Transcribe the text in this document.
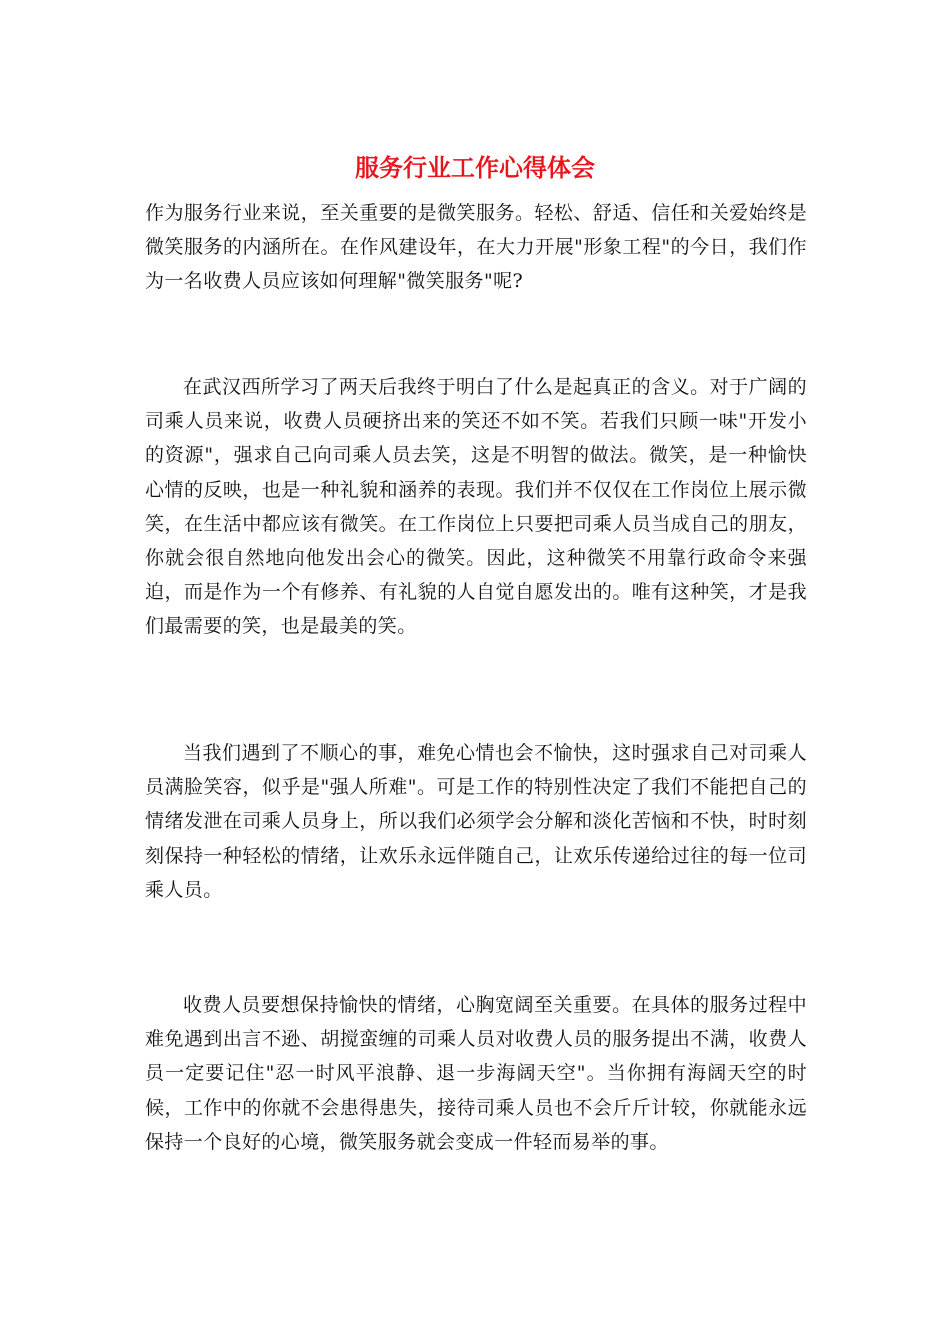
服务行业工作心得体会

作为服务行业来说，至关重要的是微笑服务。轻松、舒适、信任和关爱始终是微笑服务的内涵所在。在作风建设年，在大力开展"形象工程"的今日，我们作为一名收费人员应该如何理解"微笑服务"呢?

在武汉西所学习了两天后我终于明白了什么是起真正的含义。对于广阔的司乘人员来说，收费人员硬挤出来的笑还不如不笑。若我们只顾一味"开发小的资源"，强求自己向司乘人员去笑，这是不明智的做法。微笑，是一种愉快心情的反映，也是一种礼貌和涵养的表现。我们并不仅仅在工作岗位上展示微笑，在生活中都应该有微笑。在工作岗位上只要把司乘人员当成自己的朋友，你就会很自然地向他发出会心的微笑。因此，这种微笑不用靠行政命令来强迫，而是作为一个有修养、有礼貌的人自觉自愿发出的。唯有这种笑，才是我们最需要的笑，也是最美的笑。

当我们遇到了不顺心的事，难免心情也会不愉快，这时强求自己对司乘人员满脸笑容，似乎是"强人所难"。可是工作的特别性决定了我们不能把自己的情绪发泄在司乘人员身上，所以我们必须学会分解和淡化苦恼和不快，时时刻刻保持一种轻松的情绪，让欢乐永远伴随自己，让欢乐传递给过往的每一位司乘人员。

收费人员要想保持愉快的情绪，心胸宽阔至关重要。在具体的服务过程中难免遇到出言不逊、胡搅蛮缠的司乘人员对收费人员的服务提出不满，收费人员一定要记住"忍一时风平浪静、退一步海阔天空"。当你拥有海阔天空的时候，工作中的你就不会患得患失，接待司乘人员也不会斤斤计较，你就能永远保持一个良好的心境，微笑服务就会变成一件轻而易举的事。
